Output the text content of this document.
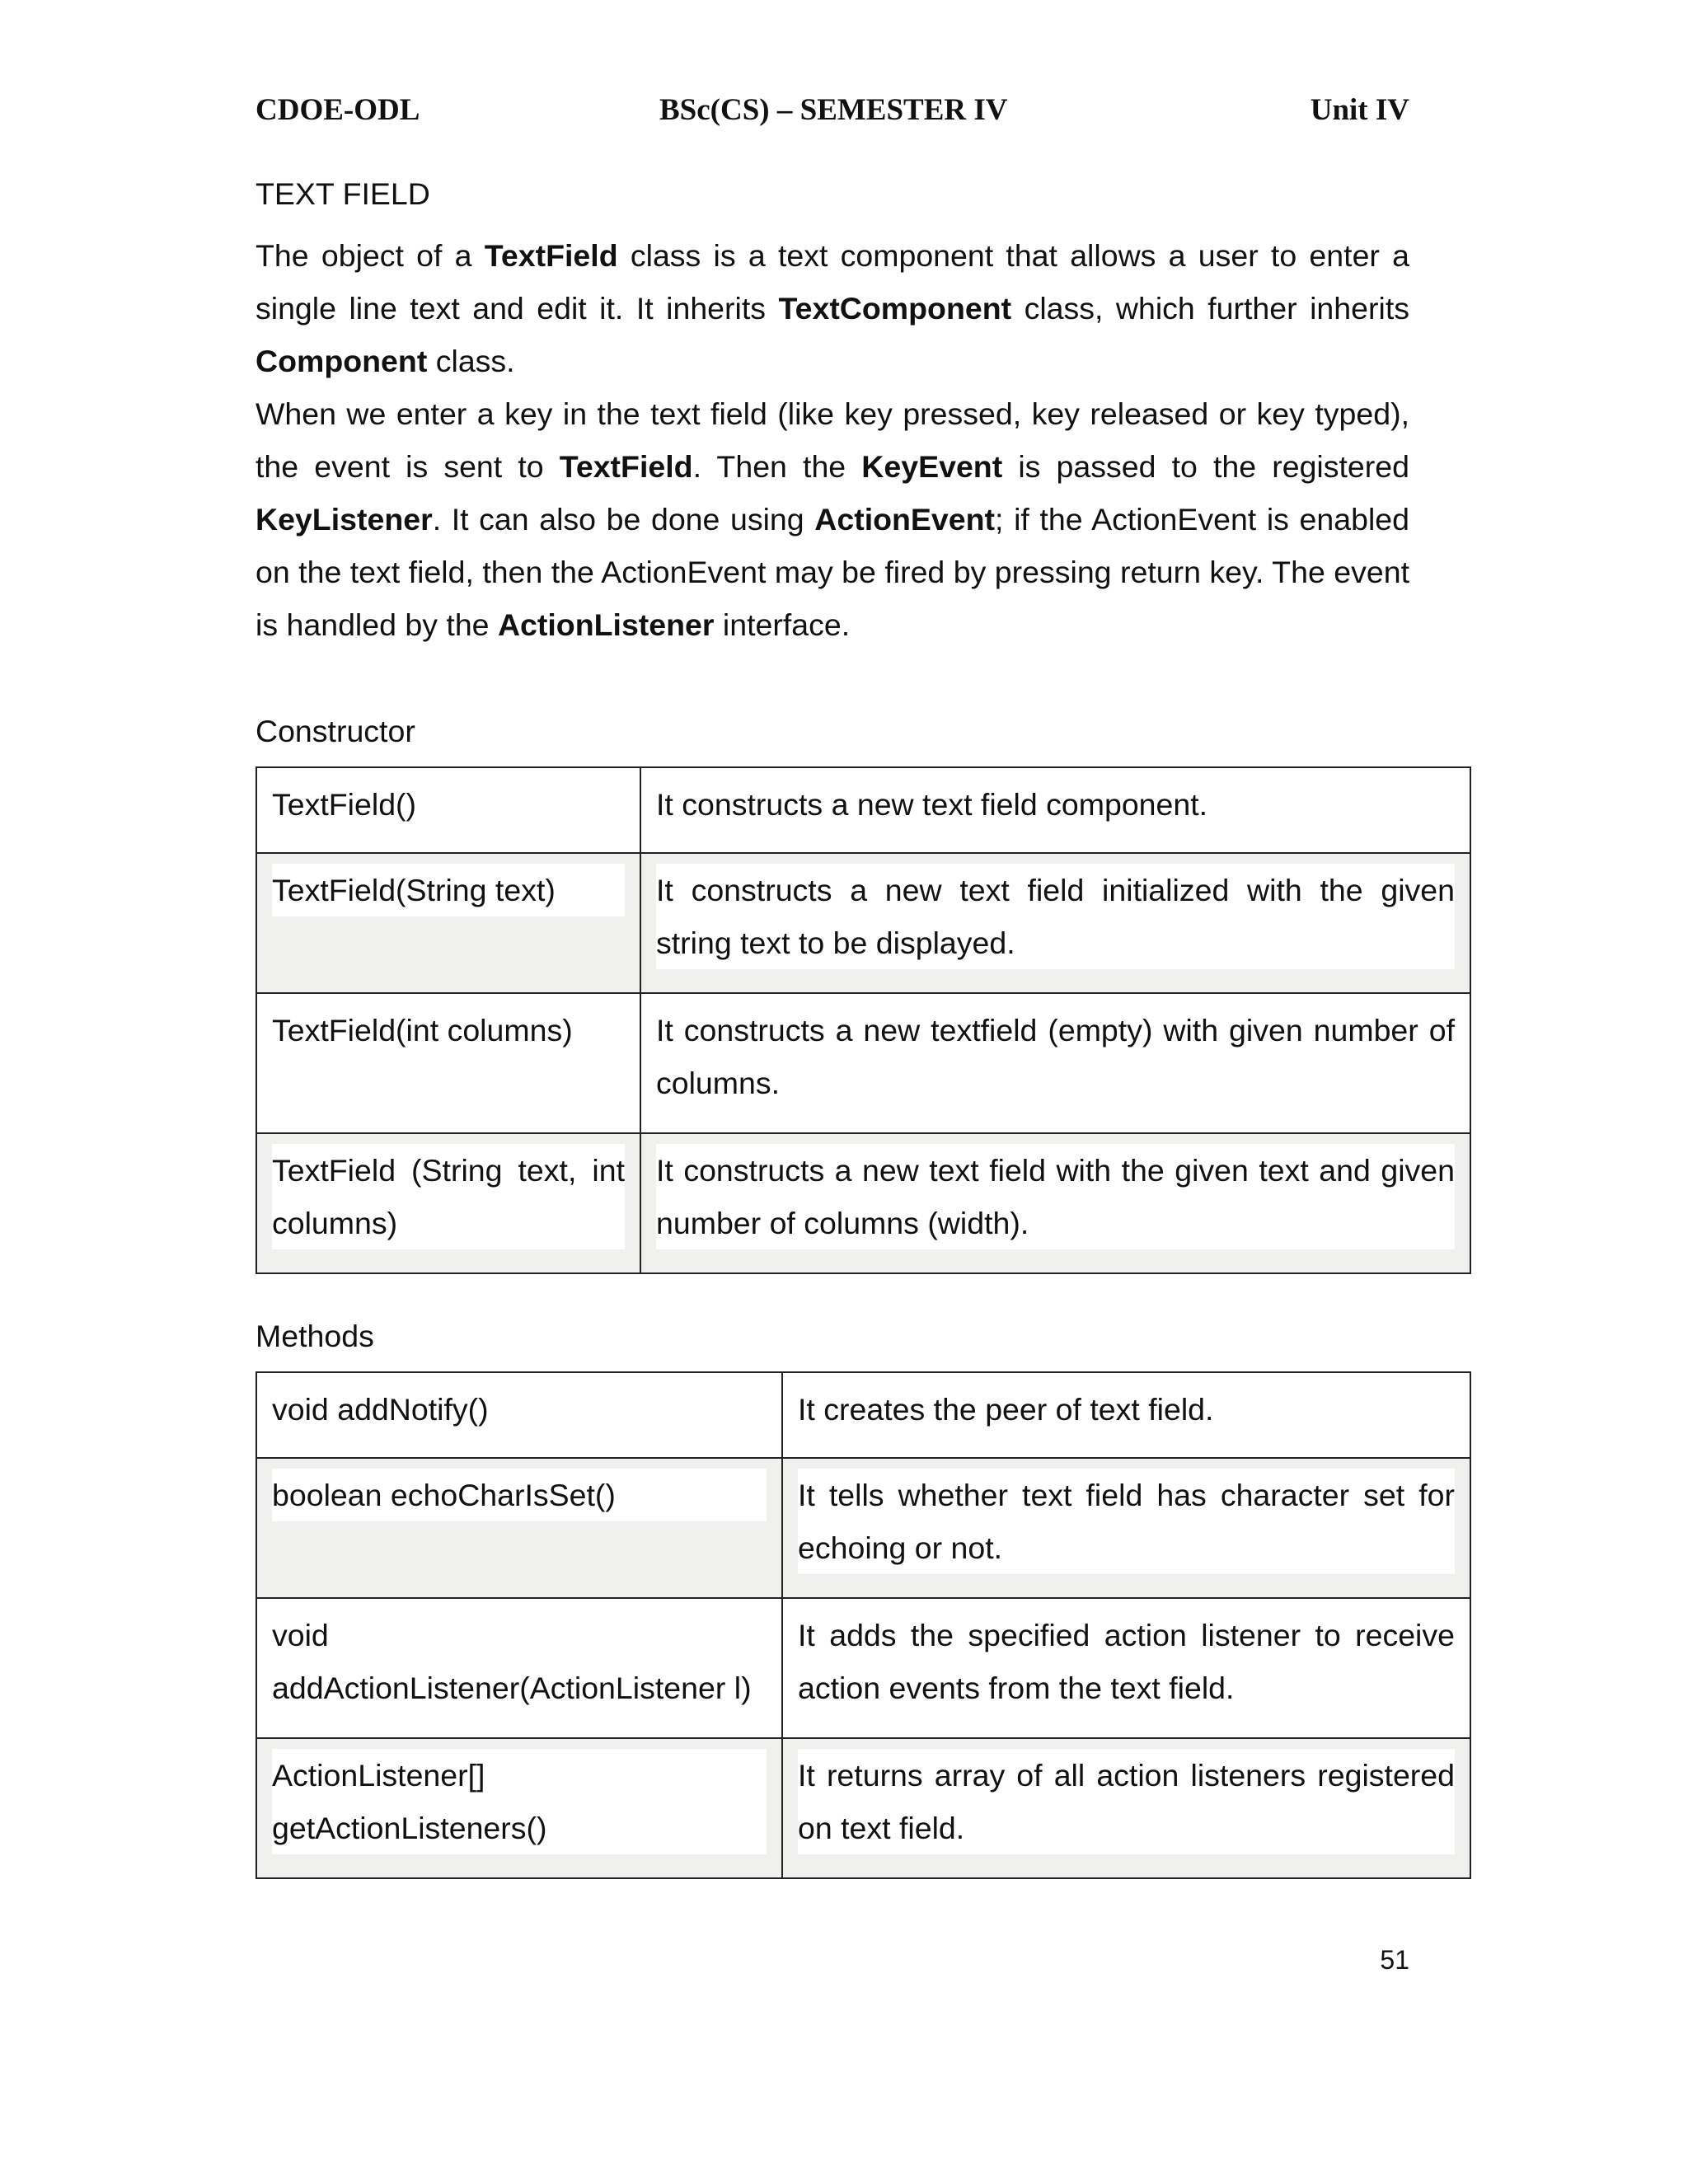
CDOE-ODL	BSc(CS) – SEMESTER IV	Unit IV
TEXT FIELD

The object of a TextField class is a text component that allows a user to enter a single line text and edit it. It inherits TextComponent class, which further inherits Component class.

When we enter a key in the text field (like key pressed, key released or key typed), the event is sent to TextField. Then the KeyEvent is passed to the registered KeyListener. It can also be done using ActionEvent; if the ActionEvent is enabled on the text field, then the ActionEvent may be fired by pressing return key. The event is handled by the ActionListener interface.

Constructor
TextField()	It constructs a new text field component.

TextField(String text)	It constructs a new text field initialized with the given string text to be displayed.

TextField(int columns)	It constructs a new textfield (empty) with given number of columns.

TextField (String text, int columns)	It constructs a new text field with the given text and given number of columns (width).
Methods
void addNotify()	It creates the peer of text field.

boolean echoCharIsSet()	It tells whether text field has character set for echoing or not.

void addActionListener(ActionListener l)	It adds the specified action listener to receive action events from the text field.

ActionListener[] getActionListeners()	It returns array of all action listeners registered on text field.
51
